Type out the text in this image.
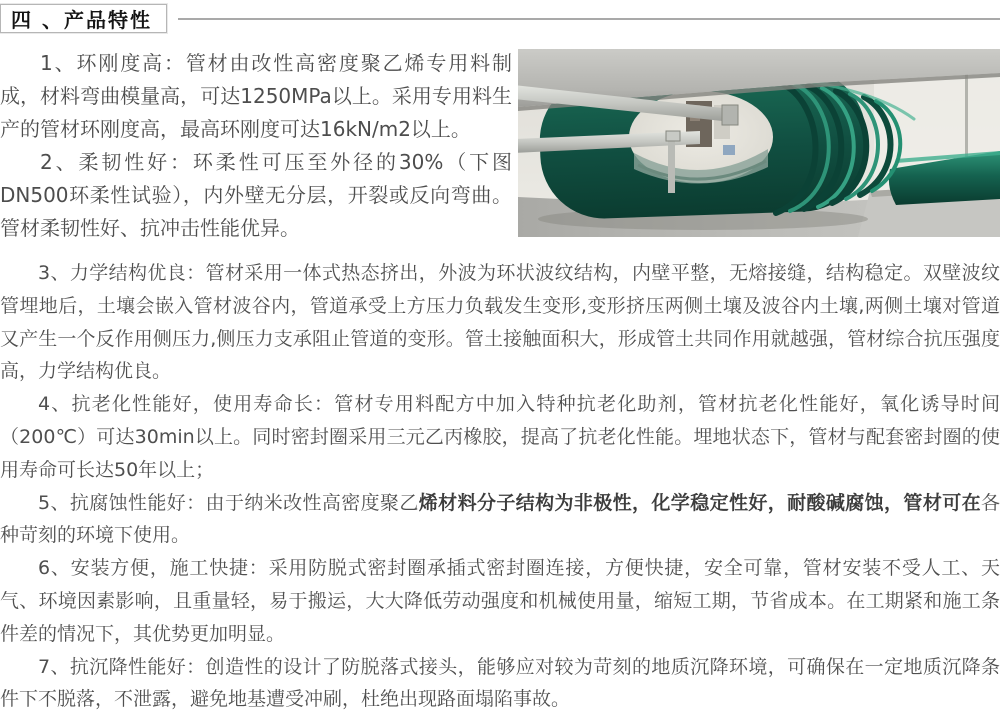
四 、产品特性

1、环刚度高：管材由改性高密度聚乙烯专用料制成，材料弯曲模量高，可达1250MPa以上。采用专用料生产的管材环刚度高，最高环刚度可达16kN/m2以上。

2、柔韧性好：环柔性可压至外径的30%（下图DN500环柔性试验），内外壁无分层，开裂或反向弯曲。管材柔韧性好、抗冲击性能优异。

3、力学结构优良：管材采用一体式热态挤出，外波为环状波纹结构，内壁平整，无熔接缝，结构稳定。双壁波纹管埋地后，土壤会嵌入管材波谷内，管道承受上方压力负载发生变形,变形挤压两侧土壤及波谷内土壤,两侧土壤对管道又产生一个反作用侧压力,侧压力支承阻止管道的变形。管土接触面积大，形成管土共同作用就越强，管材综合抗压强度高，力学结构优良。

4、抗老化性能好，使用寿命长：管材专用料配方中加入特种抗老化助剂，管材抗老化性能好，氧化诱导时间（200℃）可达30min以上。同时密封圈采用三元乙丙橡胶，提高了抗老化性能。埋地状态下，管材与配套密封圈的使用寿命可长达50年以上；

5、抗腐蚀性能好：由于纳米改性高密度聚乙烯材料分子结构为非极性，化学稳定性好，耐酸碱腐蚀，管材可在各种苛刻的环境下使用。

6、安装方便，施工快捷：采用防脱式密封圈承插式密封圈连接，方便快捷，安全可靠，管材安装不受人工、天气、环境因素影响，且重量轻，易于搬运，大大降低劳动强度和机械使用量，缩短工期，节省成本。在工期紧和施工条件差的情况下，其优势更加明显。

7、抗沉降性能好：创造性的设计了防脱落式接头，能够应对较为苛刻的地质沉降环境，可确保在一定地质沉降条件下不脱落，不泄露，避免地基遭受冲刷，杜绝出现路面塌陷事故。
